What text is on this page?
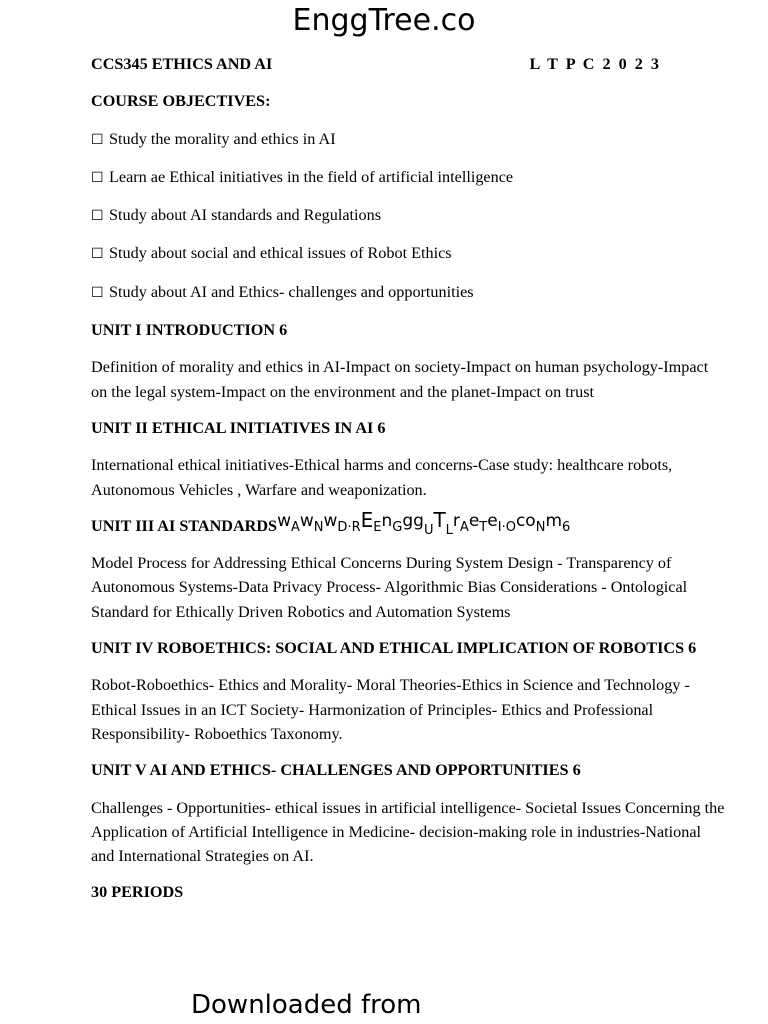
EnggTree.co
CCS345 ETHICS AND AI	L T P C 2 0 2 3
COURSE OBJECTIVES:
☐ Study the morality and ethics in AI
☐ Learn ae Ethical initiatives in the field of artificial intelligence
☐ Study about AI standards and Regulations
☐ Study about social and ethical issues of Robot Ethics
☐ Study about AI and Ethics- challenges and opportunities
UNIT I INTRODUCTION 6
Definition of morality and ethics in AI-Impact on society-Impact on human psychology-Impact on the legal system-Impact on the environment and the planet-Impact on trust
UNIT II ETHICAL INITIATIVES IN AI 6
International ethical initiatives-Ethical harms and concerns-Case study: healthcare robots, Autonomous Vehicles , Warfare and weaponization.
UNIT III AI STANDARDSwAwNwD·REEnGggUTLrAeTeI·OcoNm6
Model Process for Addressing Ethical Concerns During System Design - Transparency of Autonomous Systems-Data Privacy Process- Algorithmic Bias Considerations - Ontological Standard for Ethically Driven Robotics and Automation Systems
UNIT IV ROBOETHICS: SOCIAL AND ETHICAL IMPLICATION OF ROBOTICS 6
Robot-Roboethics- Ethics and Morality- Moral Theories-Ethics in Science and Technology - Ethical Issues in an ICT Society- Harmonization of Principles- Ethics and Professional Responsibility- Roboethics Taxonomy.
UNIT V AI AND ETHICS- CHALLENGES AND OPPORTUNITIES 6
Challenges - Opportunities- ethical issues in artificial intelligence- Societal Issues Concerning the Application of Artificial Intelligence in Medicine- decision-making role in industries-National and International Strategies on AI.
30 PERIODS
Downloaded from
